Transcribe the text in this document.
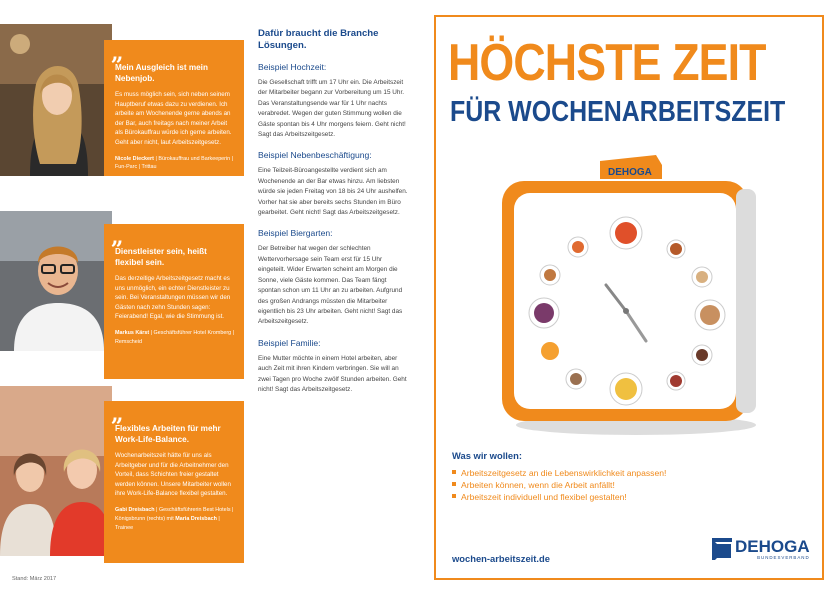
„
Mein Ausgleich ist mein Nebenjob.
Es muss möglich sein, sich neben seinem Hauptberuf etwas dazu zu verdienen. Ich arbeite am Wochenende gerne abends an der Bar, auch freitags nach meiner Arbeit als Bürokauffrau würde ich gerne arbeiten. Geht aber nicht, laut Arbeitszeitgesetz.
Nicole Dieckert | Bürokauffrau und Barkeeperin | Fun-Parc | Trittau	“
„
Dienstleister sein, heißt flexibel sein.
Das derzeitige Arbeitszeitgesetz macht es uns unmöglich, ein echter Dienstleister zu sein. Bei Veranstaltungen müssen wir den Gästen nach zehn Stunden sagen: Feierabend! Egal, wie die Stimmung ist.
Markus Kärst | Geschäftsführer Hotel Kromberg | Remscheid
“
„
Flexibles Arbeiten für mehr Work-Life-Balance.
Wochenarbeitszeit hätte für uns als Arbeitgeber und für die Arbeitnehmer den Vorteil, dass Schichten freier gestaltet werden können. Unsere Mitarbeiter wollen ihre Work-Life-Balance flexibel gestalten.
Gabi Dreisbach | Geschäftsführerin Best Hotels | Königsbrunn (rechts) mit Maria Dreisbach | Trainee
“
Stand: März 2017
Dafür braucht die Branche Lösungen.
Beispiel Hochzeit:
Die Gesellschaft trifft um 17 Uhr ein. Die Arbeitszeit der Mitarbeiter begann zur Vorbereitung um 15 Uhr. Das Veranstaltungsende war für 1 Uhr nachts verabredet. Wegen der guten Stimmung wollen die Gäste spontan bis 4 Uhr morgens feiern. Geht nicht! Sagt das Arbeitszeitgesetz.
Beispiel Nebenbeschäftigung:
Eine Teilzeit-Büroangestellte verdient sich am Wochenende an der Bar etwas hinzu. Am liebsten würde sie jeden Freitag von 18 bis 24 Uhr aushelfen. Vorher hat sie aber bereits sechs Stunden im Büro gearbeitet. Geht nicht! Sagt das Arbeitszeitgesetz.
Beispiel Biergarten:
Der Betreiber hat wegen der schlechten Wettervorhersage sein Team erst für 15 Uhr eingeteilt. Wider Erwarten scheint am Morgen die Sonne, viele Gäste kommen. Das Team fängt spontan schon um 11 Uhr an zu arbeiten. Aufgrund des großen Andrangs müssten die Mitarbeiter eigentlich bis 23 Uhr arbeiten. Geht nicht! Sagt das Arbeitszeitgesetz.
Beispiel Familie:
Eine Mutter möchte in einem Hotel arbeiten, aber auch Zeit mit ihren Kindern verbringen. Sie will an zwei Tagen pro Woche zwölf Stunden arbeiten. Geht nicht! Sagt das Arbeitszeitgesetz.
HÖCHSTE ZEIT
FÜR WOCHENARBEITSZEIT
DEHOGA
Was wir wollen:
Arbeitszeitgesetz an die Lebenswirklichkeit anpassen!
Arbeiten können, wenn die Arbeit anfällt!
Arbeitszeit individuell und flexibel gestalten!
wochen-arbeitszeit.de
DEHOGA
BUNDESVERBAND
